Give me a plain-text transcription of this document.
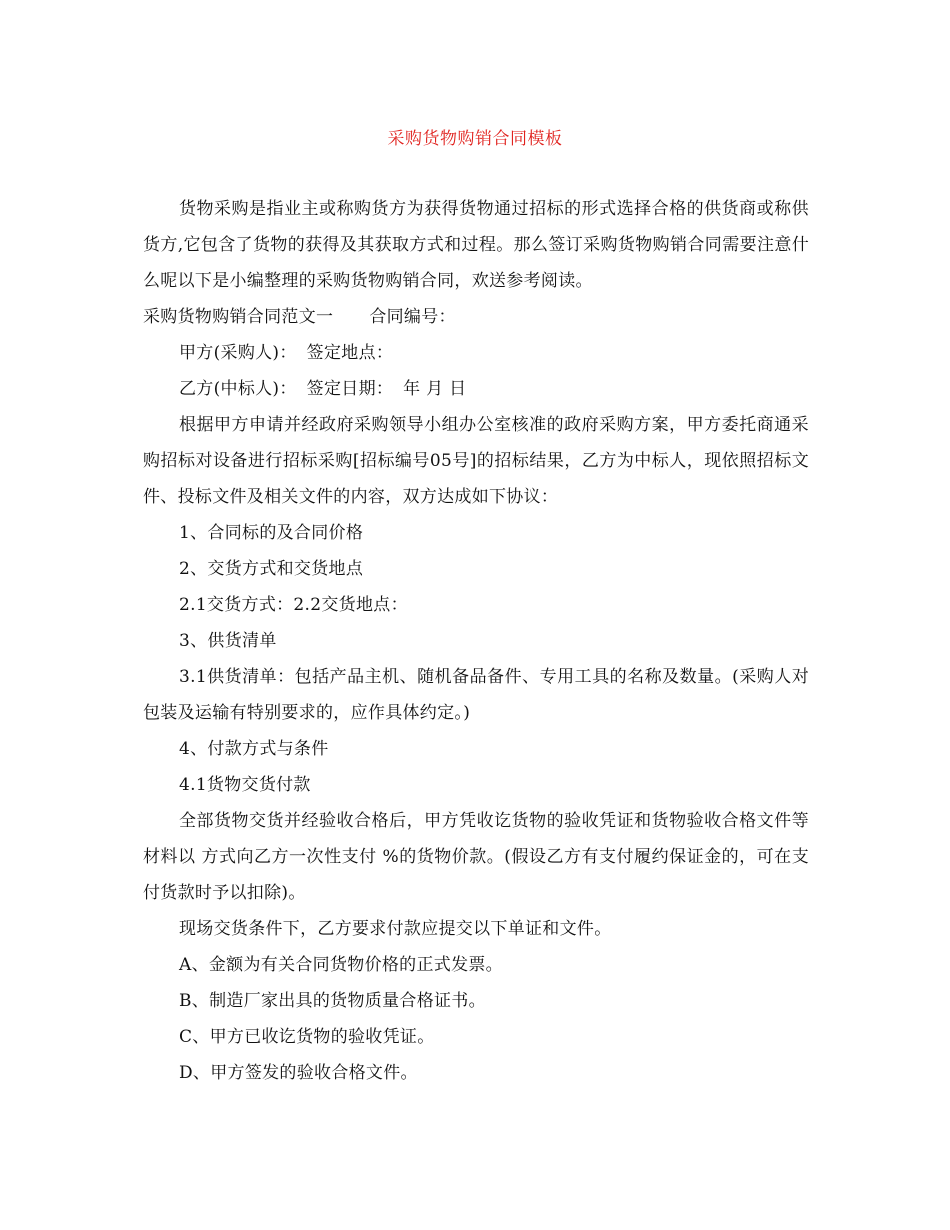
采购货物购销合同模板

货物采购是指业主或称购货方为获得货物通过招标的形式选择合格的供货商或称供货方,它包含了货物的获得及其获取方式和过程。那么签订采购货物购销合同需要注意什么呢以下是小编整理的采购货物购销合同，欢送参考阅读。

采购货物购销合同范文一 合同编号：

甲方(采购人)： 签定地点：

乙方(中标人)： 签定日期： 年 月 日

根据甲方申请并经政府采购领导小组办公室核准的政府采购方案，甲方委托商通采购招标对设备进行招标采购[招标编号05号]的招标结果，乙方为中标人，现依照招标文件、投标文件及相关文件的内容，双方达成如下协议：

1、合同标的及合同价格

2、交货方式和交货地点

2.1交货方式：2.2交货地点：

3、供货清单

3.1供货清单：包括产品主机、随机备品备件、专用工具的名称及数量。(采购人对包装及运输有特别要求的，应作具体约定。)

4、付款方式与条件

4.1货物交货付款

全部货物交货并经验收合格后，甲方凭收讫货物的验收凭证和货物验收合格文件等材料以 方式向乙方一次性支付 %的货物价款。(假设乙方有支付履约保证金的，可在支付货款时予以扣除)。

现场交货条件下，乙方要求付款应提交以下单证和文件。

A、金额为有关合同货物价格的正式发票。

B、制造厂家出具的货物质量合格证书。

C、甲方已收讫货物的验收凭证。

D、甲方签发的验收合格文件。
